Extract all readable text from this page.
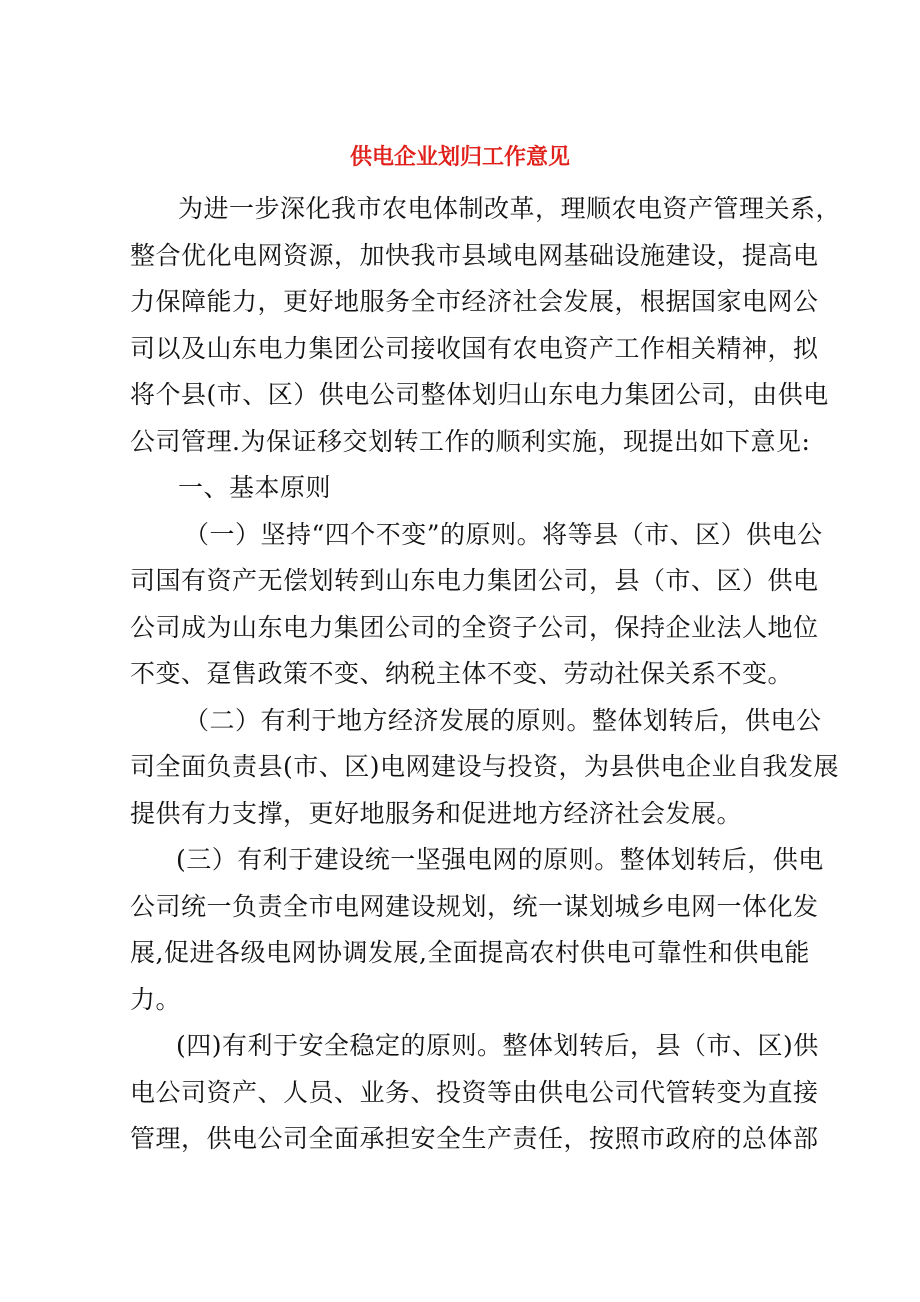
供电企业划归工作意见

为进一步深化我市农电体制改革，理顺农电资产管理关系，
整合优化电网资源，加快我市县域电网基础设施建设，提高电
力保障能力，更好地服务全市经济社会发展，根据国家电网公
司以及山东电力集团公司接收国有农电资产工作相关精神，拟
将个县(市、区）供电公司整体划归山东电力集团公司，由供电
公司管理.为保证移交划转工作的顺利实施，现提出如下意见:

一、基本原则

（一）坚持“四个不变”的原则。将等县（市、区）供电公
司国有资产无偿划转到山东电力集团公司，县（市、区）供电
公司成为山东电力集团公司的全资子公司，保持企业法人地位
不变、趸售政策不变、纳税主体不变、劳动社保关系不变。

（二）有利于地方经济发展的原则。整体划转后，供电公
司全面负责县(市、区)电网建设与投资，为县供电企业自我发展
提供有力支撑，更好地服务和促进地方经济社会发展。

(三）有利于建设统一坚强电网的原则。整体划转后，供电
公司统一负责全市电网建设规划，统一谋划城乡电网一体化发
展,促进各级电网协调发展,全面提高农村供电可靠性和供电能
力。

(四)有利于安全稳定的原则。整体划转后，县（市、区)供
电公司资产、人员、业务、投资等由供电公司代管转变为直接
管理，供电公司全面承担安全生产责任，按照市政府的总体部
